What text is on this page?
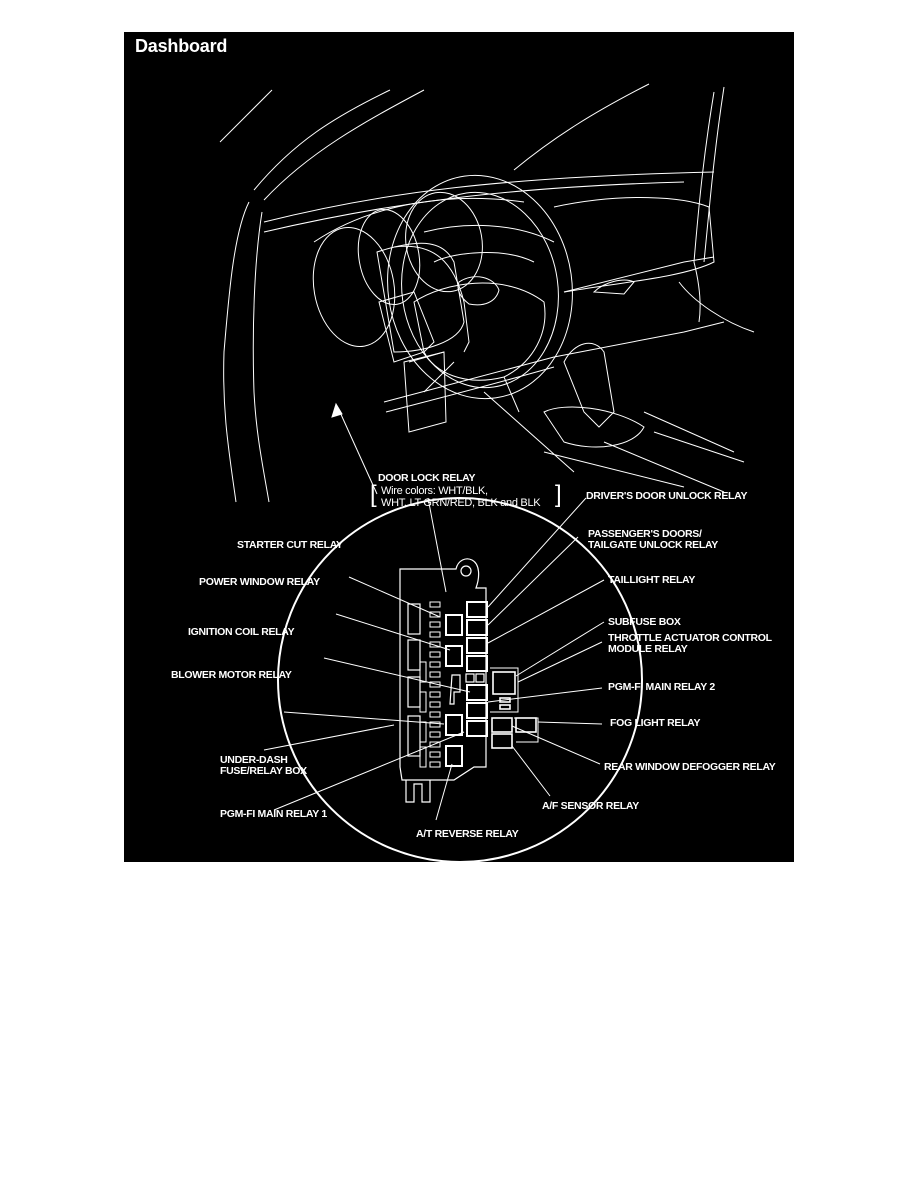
Dashboard
DOOR LOCK RELAY
[ Wire colors: WHT/BLK,
WHT, LT GRN/RED, BLK and BLK ] DRIVER'S DOOR UNLOCK RELAY
PASSENGER'S DOORS/
TAILGATE UNLOCK RELAY
STARTER CUT RELAY
POWER WINDOW RELAY	TAILLIGHT RELAY
IGNITION COIL RELAY
SUBFUSE BOX
THROTTLE ACTUATOR CONTROL
MODULE RELAY
BLOWER MOTOR RELAY
PGM-FI MAIN RELAY 2
FOG LIGHT RELAY
UNDER-DASH
FUSE/RELAY BOX	REAR WINDOW DEFOGGER RELAY
A/F SENSOR RELAY
PGM-FI MAIN RELAY 1
A/T REVERSE RELAY
